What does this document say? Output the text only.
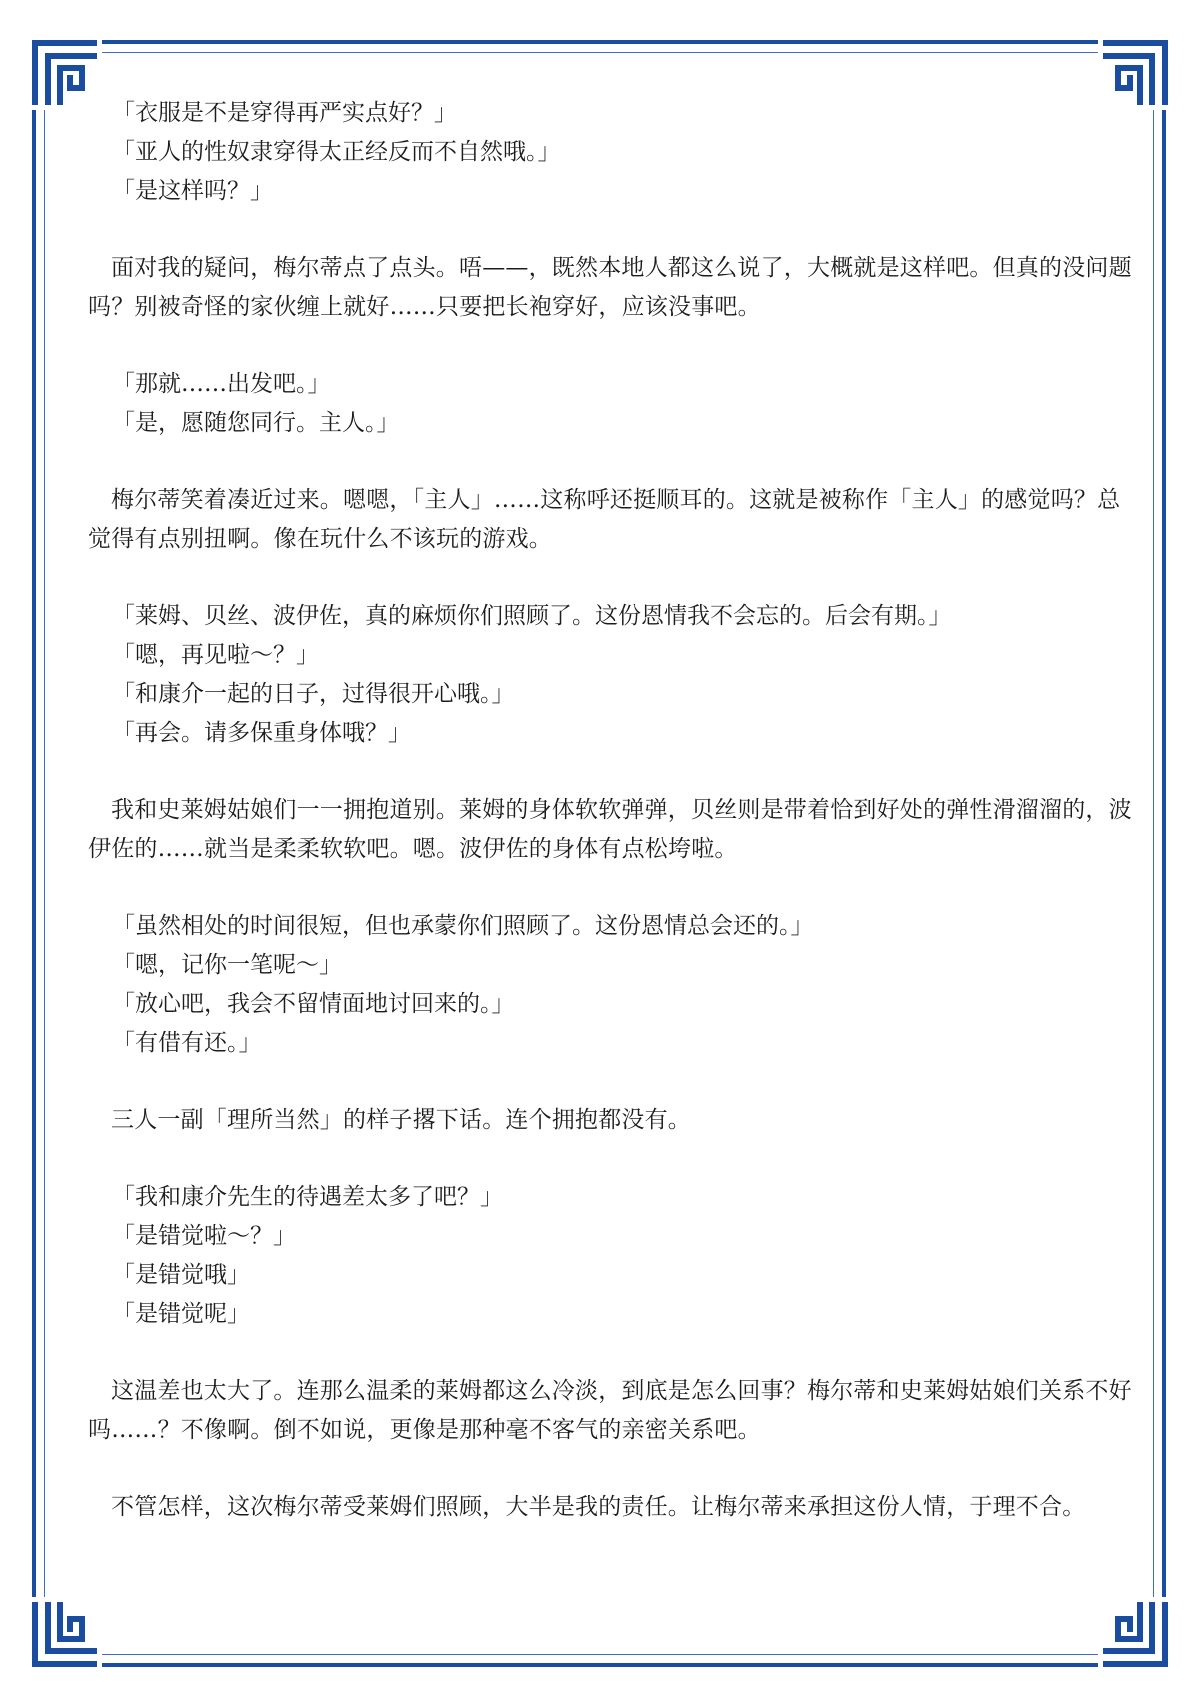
「衣服是不是穿得再严实点好？」
「亚人的性奴隶穿得太正经反而不自然哦。」
「是这样吗？」
面对我的疑问，梅尔蒂点了点头。唔——，既然本地人都这么说了，大概就是这样吧。但真的没问题吗？别被奇怪的家伙缠上就好……只要把长袍穿好，应该没事吧。
「那就……出发吧。」
「是，愿随您同行。主人。」
梅尔蒂笑着凑近过来。嗯嗯，「主人」……这称呼还挺顺耳的。这就是被称作「主人」的感觉吗？总觉得有点别扭啊。像在玩什么不该玩的游戏。
「莱姆、贝丝、波伊佐，真的麻烦你们照顾了。这份恩情我不会忘的。后会有期。」
「嗯，再见啦～？」
「和康介一起的日子，过得很开心哦。」
「再会。请多保重身体哦？」
我和史莱姆姑娘们一一拥抱道别。莱姆的身体软软弹弹，贝丝则是带着恰到好处的弹性滑溜溜的，波伊佐的……就当是柔柔软软吧。嗯。波伊佐的身体有点松垮啦。
「虽然相处的时间很短，但也承蒙你们照顾了。这份恩情总会还的。」
「嗯，记你一笔呢～」
「放心吧，我会不留情面地讨回来的。」
「有借有还。」
三人一副「理所当然」的样子撂下话。连个拥抱都没有。
「我和康介先生的待遇差太多了吧？」
「是错觉啦～？」
「是错觉哦」
「是错觉呢」
这温差也太大了。连那么温柔的莱姆都这么冷淡，到底是怎么回事？梅尔蒂和史莱姆姑娘们关系不好吗……？不像啊。倒不如说，更像是那种毫不客气的亲密关系吧。
不管怎样，这次梅尔蒂受莱姆们照顾，大半是我的责任。让梅尔蒂来承担这份人情，于理不合。
